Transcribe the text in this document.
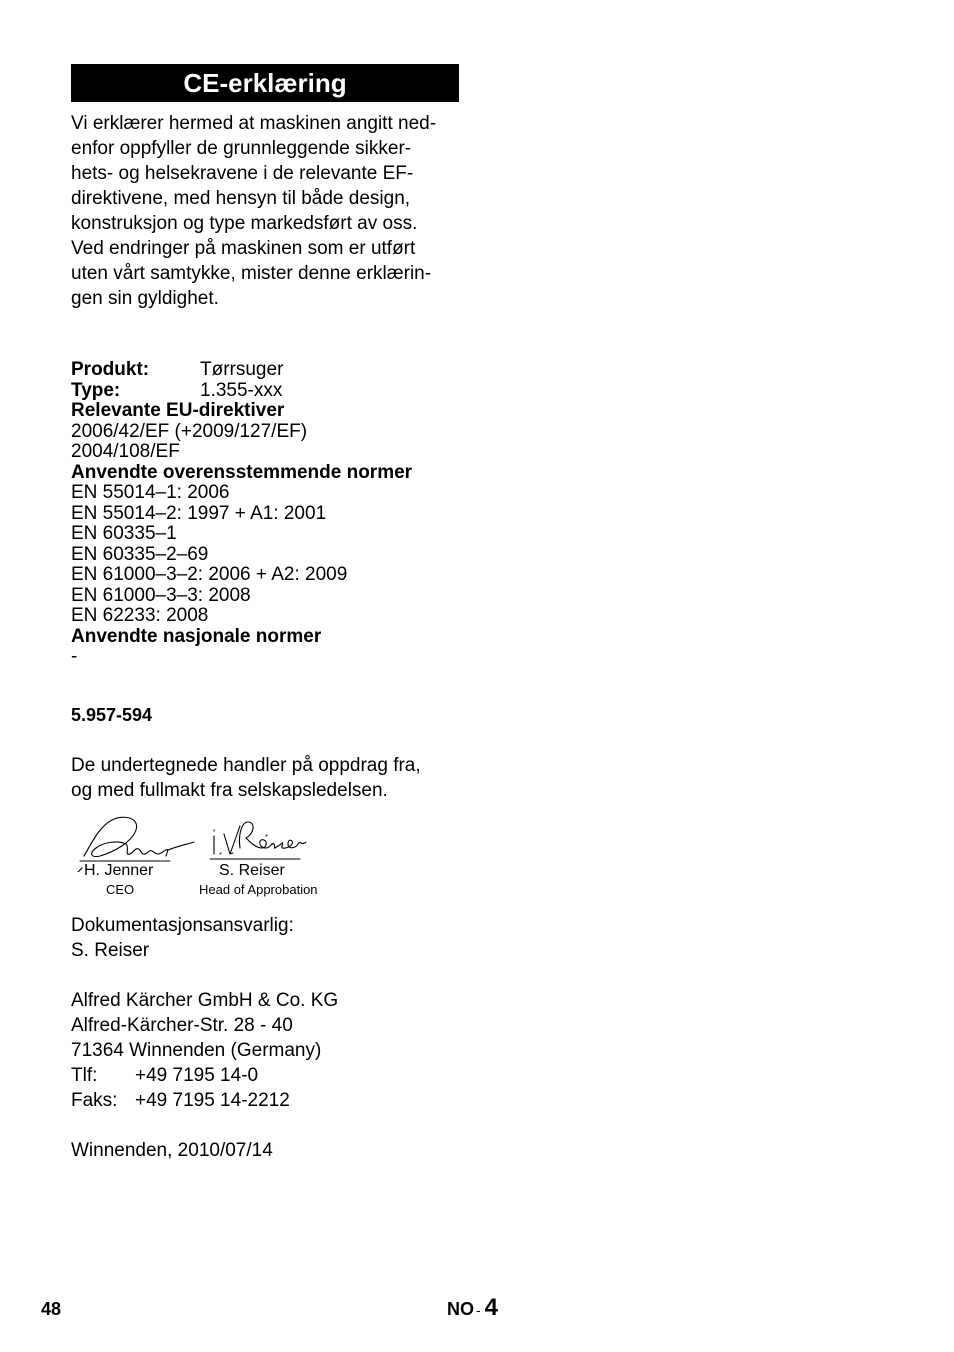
CE-erklæring
Vi erklærer hermed at maskinen angitt ned-
enfor oppfyller de grunnleggende sikker-
hets- og helsekravene i de relevante EF-
direktivene, med hensyn til både design,
konstruksjon og type markedsført av oss.
Ved endringer på maskinen som er utført
uten vårt samtykke, mister denne erklærin-
gen sin gyldighet.
Produkt:	Tørrsuger
Type:	1.355-xxx
Relevante EU-direktiver
2006/42/EF (+2009/127/EF)
2004/108/EF
Anvendte overensstemmende normer
EN 55014–1: 2006
EN 55014–2: 1997 + A1: 2001
EN 60335–1
EN 60335–2–69
EN 61000–3–2: 2006 + A2: 2009
EN 61000–3–3: 2008
EN 62233: 2008
Anvendte nasjonale normer
-
5.957-594
De undertegnede handler på oppdrag fra,
og med fullmakt fra selskapsledelsen.
H. Jenner
CEO
S. Reiser
Head of Approbation
Dokumentasjonsansvarlig:
S. Reiser
Alfred Kärcher GmbH & Co. KG
Alfred-Kärcher-Str. 28 - 40
71364 Winnenden (Germany)
Tlf: +49 7195 14-0
Faks: +49 7195 14-2212
Winnenden, 2010/07/14
48	NO - 4
